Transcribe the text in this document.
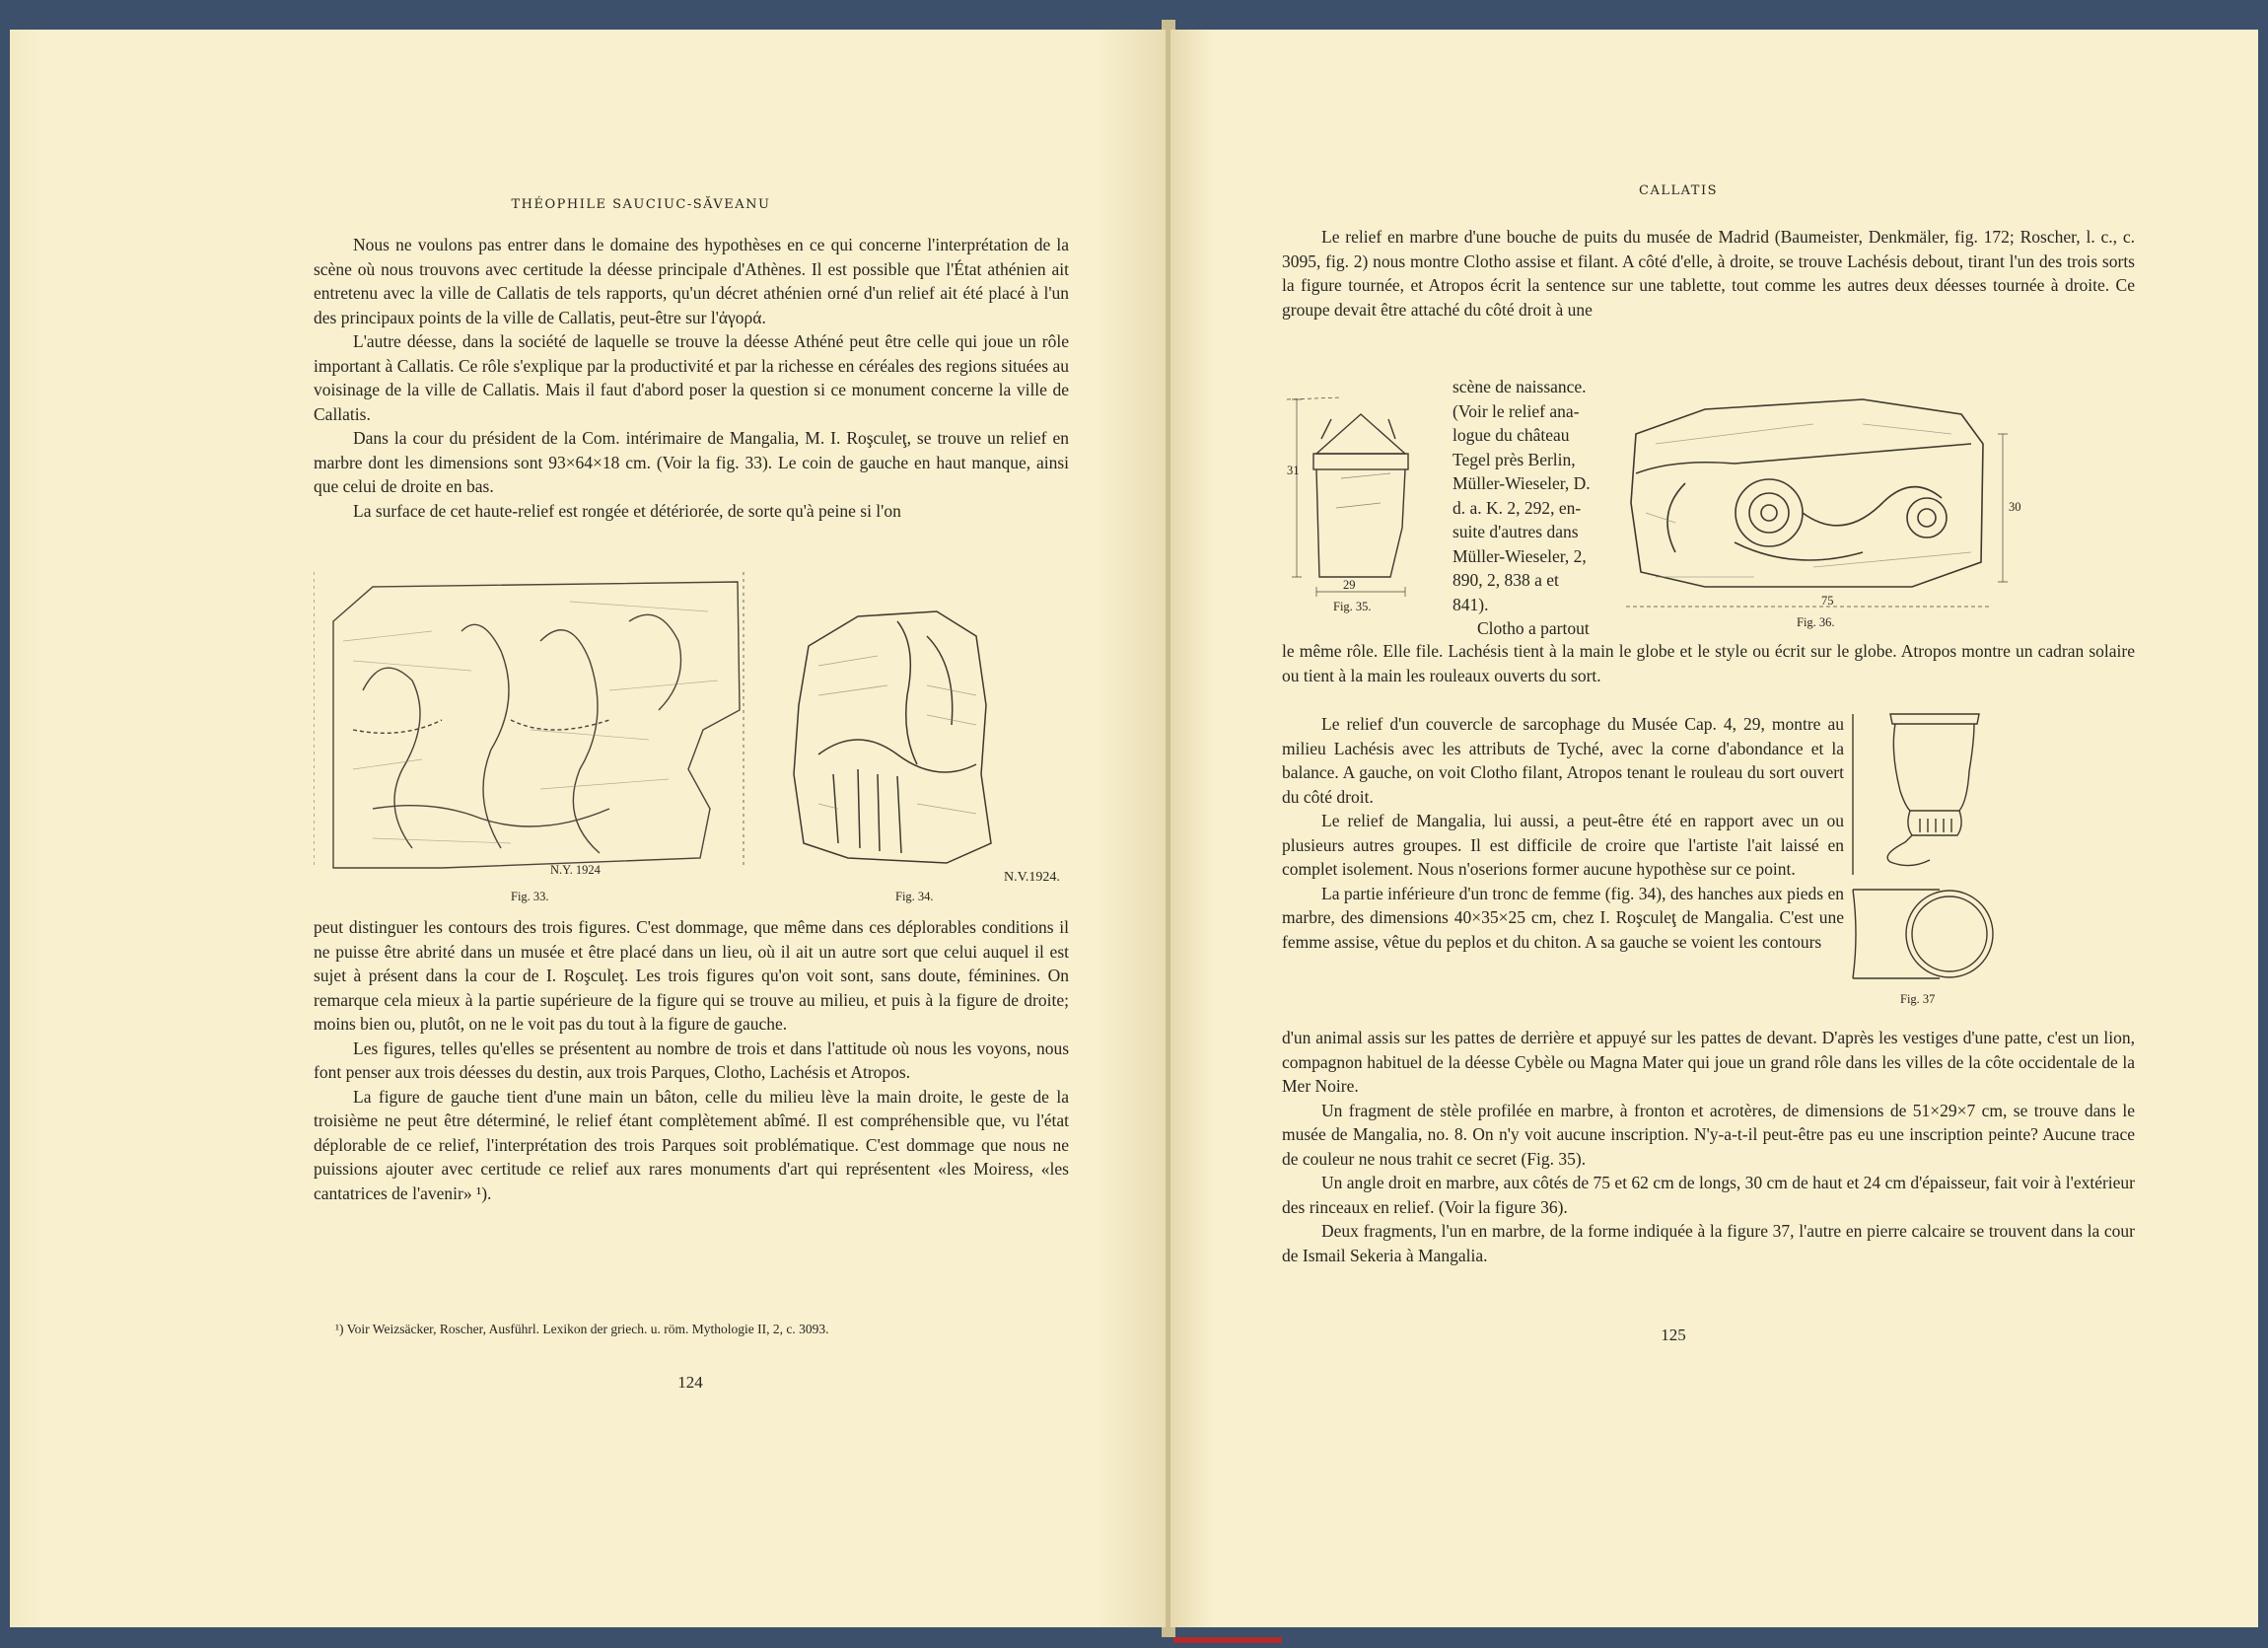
THÉOPHILE SAUCIUC-SĂVEANU

Nous ne voulons pas entrer dans le domaine des hypothèses en ce qui concerne l'interprétation de la scène où nous trouvons avec certitude la déesse principale d'Athènes. Il est possible que l'État athénien ait entretenu avec la ville de Callatis de tels rapports, qu'un décret athénien orné d'un relief ait été placé à l'un des principaux points de la ville de Callatis, peut-être sur l'ἀγορά.

L'autre déesse, dans la société de laquelle se trouve la déesse Athéné peut être celle qui joue un rôle important à Callatis. Ce rôle s'explique par la productivité et par la richesse en céréales des regions situées au voisinage de la ville de Callatis. Mais il faut d'abord poser la question si ce monument concerne la ville de Callatis.

Dans la cour du président de la Com. intérimaire de Mangalia, M. I. Roşculeţ, se trouve un relief en marbre dont les dimensions sont 93×64×18 cm. (Voir la fig. 33). Le coin de gauche en haut manque, ainsi que celui de droite en bas.

La surface de cet haute-relief est rongée et détériorée, de sorte qu'à peine si l'on

N.Y. 1924
Fig. 33.
N.V.1924.
Fig. 34.

peut distinguer les contours des trois figures. C'est dommage, que même dans ces déplorables conditions il ne puisse être abrité dans un musée et être placé dans un lieu, où il ait un autre sort que celui auquel il est sujet à présent dans la cour de I. Roşculeţ. Les trois figures qu'on voit sont, sans doute, féminines. On remarque cela mieux à la partie supérieure de la figure qui se trouve au milieu, et puis à la figure de droite; moins bien ou, plutôt, on ne le voit pas du tout à la figure de gauche.

Les figures, telles qu'elles se présentent au nombre de trois et dans l'attitude où nous les voyons, nous font penser aux trois déesses du destin, aux trois Parques, Clotho, Lachésis et Atropos.

La figure de gauche tient d'une main un bâton, celle du milieu lève la main droite, le geste de la troisième ne peut être déterminé, le relief étant complètement abîmé. Il est compréhensible que, vu l'état déplorable de ce relief, l'interprétation des trois Parques soit problématique. C'est dommage que nous ne puissions ajouter avec certitude ce relief aux rares monuments d'art qui représentent «les Moiress, «les cantatrices de l'avenir» ¹).

¹) Voir Weizsäcker, Roscher, Ausführl. Lexikon der griech. u. röm. Mythologie II, 2, c. 3093.
124
CALLATIS

Le relief en marbre d'une bouche de puits du musée de Madrid (Baumeister, Denkmäler, fig. 172; Roscher, l. c., c. 3095, fig. 2) nous montre Clotho assise et filant. A côté d'elle, à droite, se trouve Lachésis debout, tirant l'un des trois sorts la figure tournée, et Atropos écrit la sentence sur une tablette, tout comme les autres deux déesses tournée à droite. Ce groupe devait être attaché du côté droit à une

31
29
Fig. 35.
scène de naissance.
(Voir le relief ana-
logue du château
Tegel près Berlin,
Müller-Wieseler, D.
d. a. K. 2, 292, en-
suite d'autres dans
Müller-Wieseler, 2,
890, 2, 838 a et
841).
Clotho a partout
30
75
Fig. 36.

le même rôle. Elle file. Lachésis tient à la main le globe et le style ou écrit sur le globe. Atropos montre un cadran solaire ou tient à la main les rouleaux ouverts du sort.

Le relief d'un couvercle de sarcophage du Musée Cap. 4, 29, montre au milieu Lachésis avec les attributs de Tyché, avec la corne d'abondance et la balance. A gauche, on voit Clotho filant, Atropos tenant le rouleau du sort ouvert du côté droit.

Le relief de Mangalia, lui aussi, a peut-être été en rapport avec un ou plusieurs autres groupes. Il est difficile de croire que l'artiste l'ait laissé en complet isolement. Nous n'oserions former aucune hypothèse sur ce point.

La partie inférieure d'un tronc de femme (fig. 34), des hanches aux pieds en marbre, des dimensions 40×35×25 cm, chez I. Roşculeţ de Mangalia. C'est une femme assise, vêtue du peplos et du chiton. A sa gauche se voient les contours

Fig. 37

d'un animal assis sur les pattes de derrière et appuyé sur les pattes de devant. D'après les vestiges d'une patte, c'est un lion, compagnon habituel de la déesse Cybèle ou Magna Mater qui joue un grand rôle dans les villes de la côte occidentale de la Mer Noire.

Un fragment de stèle profilée en marbre, à fronton et acrotères, de dimensions de 51×29×7 cm, se trouve dans le musée de Mangalia, no. 8. On n'y voit aucune inscription. N'y-a-t-il peut-être pas eu une inscription peinte? Aucune trace de couleur ne nous trahit ce secret (Fig. 35).

Un angle droit en marbre, aux côtés de 75 et 62 cm de longs, 30 cm de haut et 24 cm d'épaisseur, fait voir à l'extérieur des rinceaux en relief. (Voir la figure 36).

Deux fragments, l'un en marbre, de la forme indiquée à la figure 37, l'autre en pierre calcaire se trouvent dans la cour de Ismail Sekeria à Mangalia.

125
